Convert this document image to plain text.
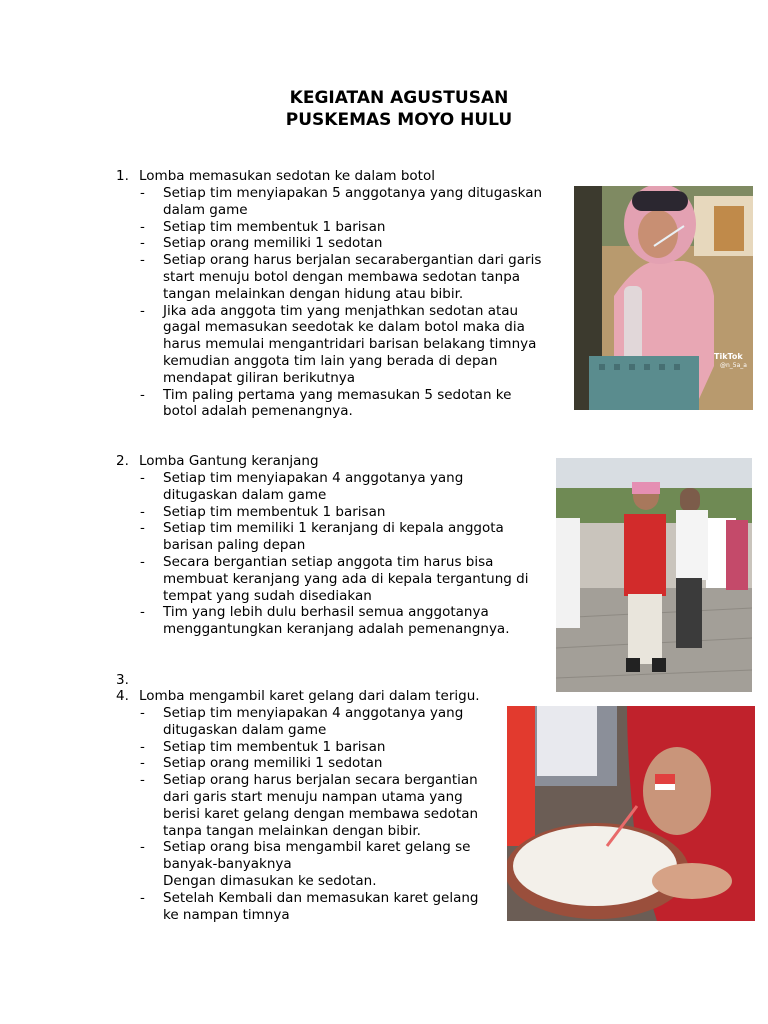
KEGIATAN AGUSTUSAN
PUSKEMAS MOYO HULU
1. Lomba memasukan sedotan ke dalam botol
- Setiap tim menyiapakan 5 anggotanya yang ditugaskan
dalam game
- Setiap tim membentuk 1 barisan
- Setiap orang memiliki 1 sedotan
- Setiap orang harus berjalan secarabergantian dari garis
start menuju botol dengan membawa sedotan tanpa
tangan melainkan dengan hidung atau bibir.
- Jika ada anggota tim yang menjathkan sedotan atau
gagal memasukan seedotak ke dalam botol maka dia
harus memulai mengantridari barisan belakang timnya
kemudian anggota tim lain yang berada di depan
mendapat giliran berikutnya
- Tim paling pertama yang memasukan 5 sedotan ke
botol adalah pemenangnya.
2. Lomba Gantung keranjang
- Setiap tim menyiapakan 4 anggotanya yang
ditugaskan dalam game
- Setiap tim membentuk 1 barisan
- Setiap tim memiliki 1 keranjang di kepala anggota
barisan paling depan
- Secara bergantian setiap anggota tim harus bisa
membuat keranjang yang ada di kepala tergantung di
tempat yang sudah disediakan
- Tim yang lebih dulu berhasil semua anggotanya
menggantungkan keranjang adalah pemenangnya.
3.
4. Lomba mengambil karet gelang dari dalam terigu.
- Setiap tim menyiapakan 4 anggotanya yang
ditugaskan dalam game
- Setiap tim membentuk 1 barisan
- Setiap orang memiliki 1 sedotan
- Setiap orang harus berjalan secara bergantian
dari garis start menuju nampan utama yang
berisi karet gelang dengan membawa sedotan
tanpa tangan melainkan dengan bibir.
- Setiap orang bisa mengambil karet gelang se
banyak-banyaknya
Dengan dimasukan ke sedotan.
- Setelah Kembali dan memasukan karet gelang
ke nampan timnya
TikTok
@n_5a_a
